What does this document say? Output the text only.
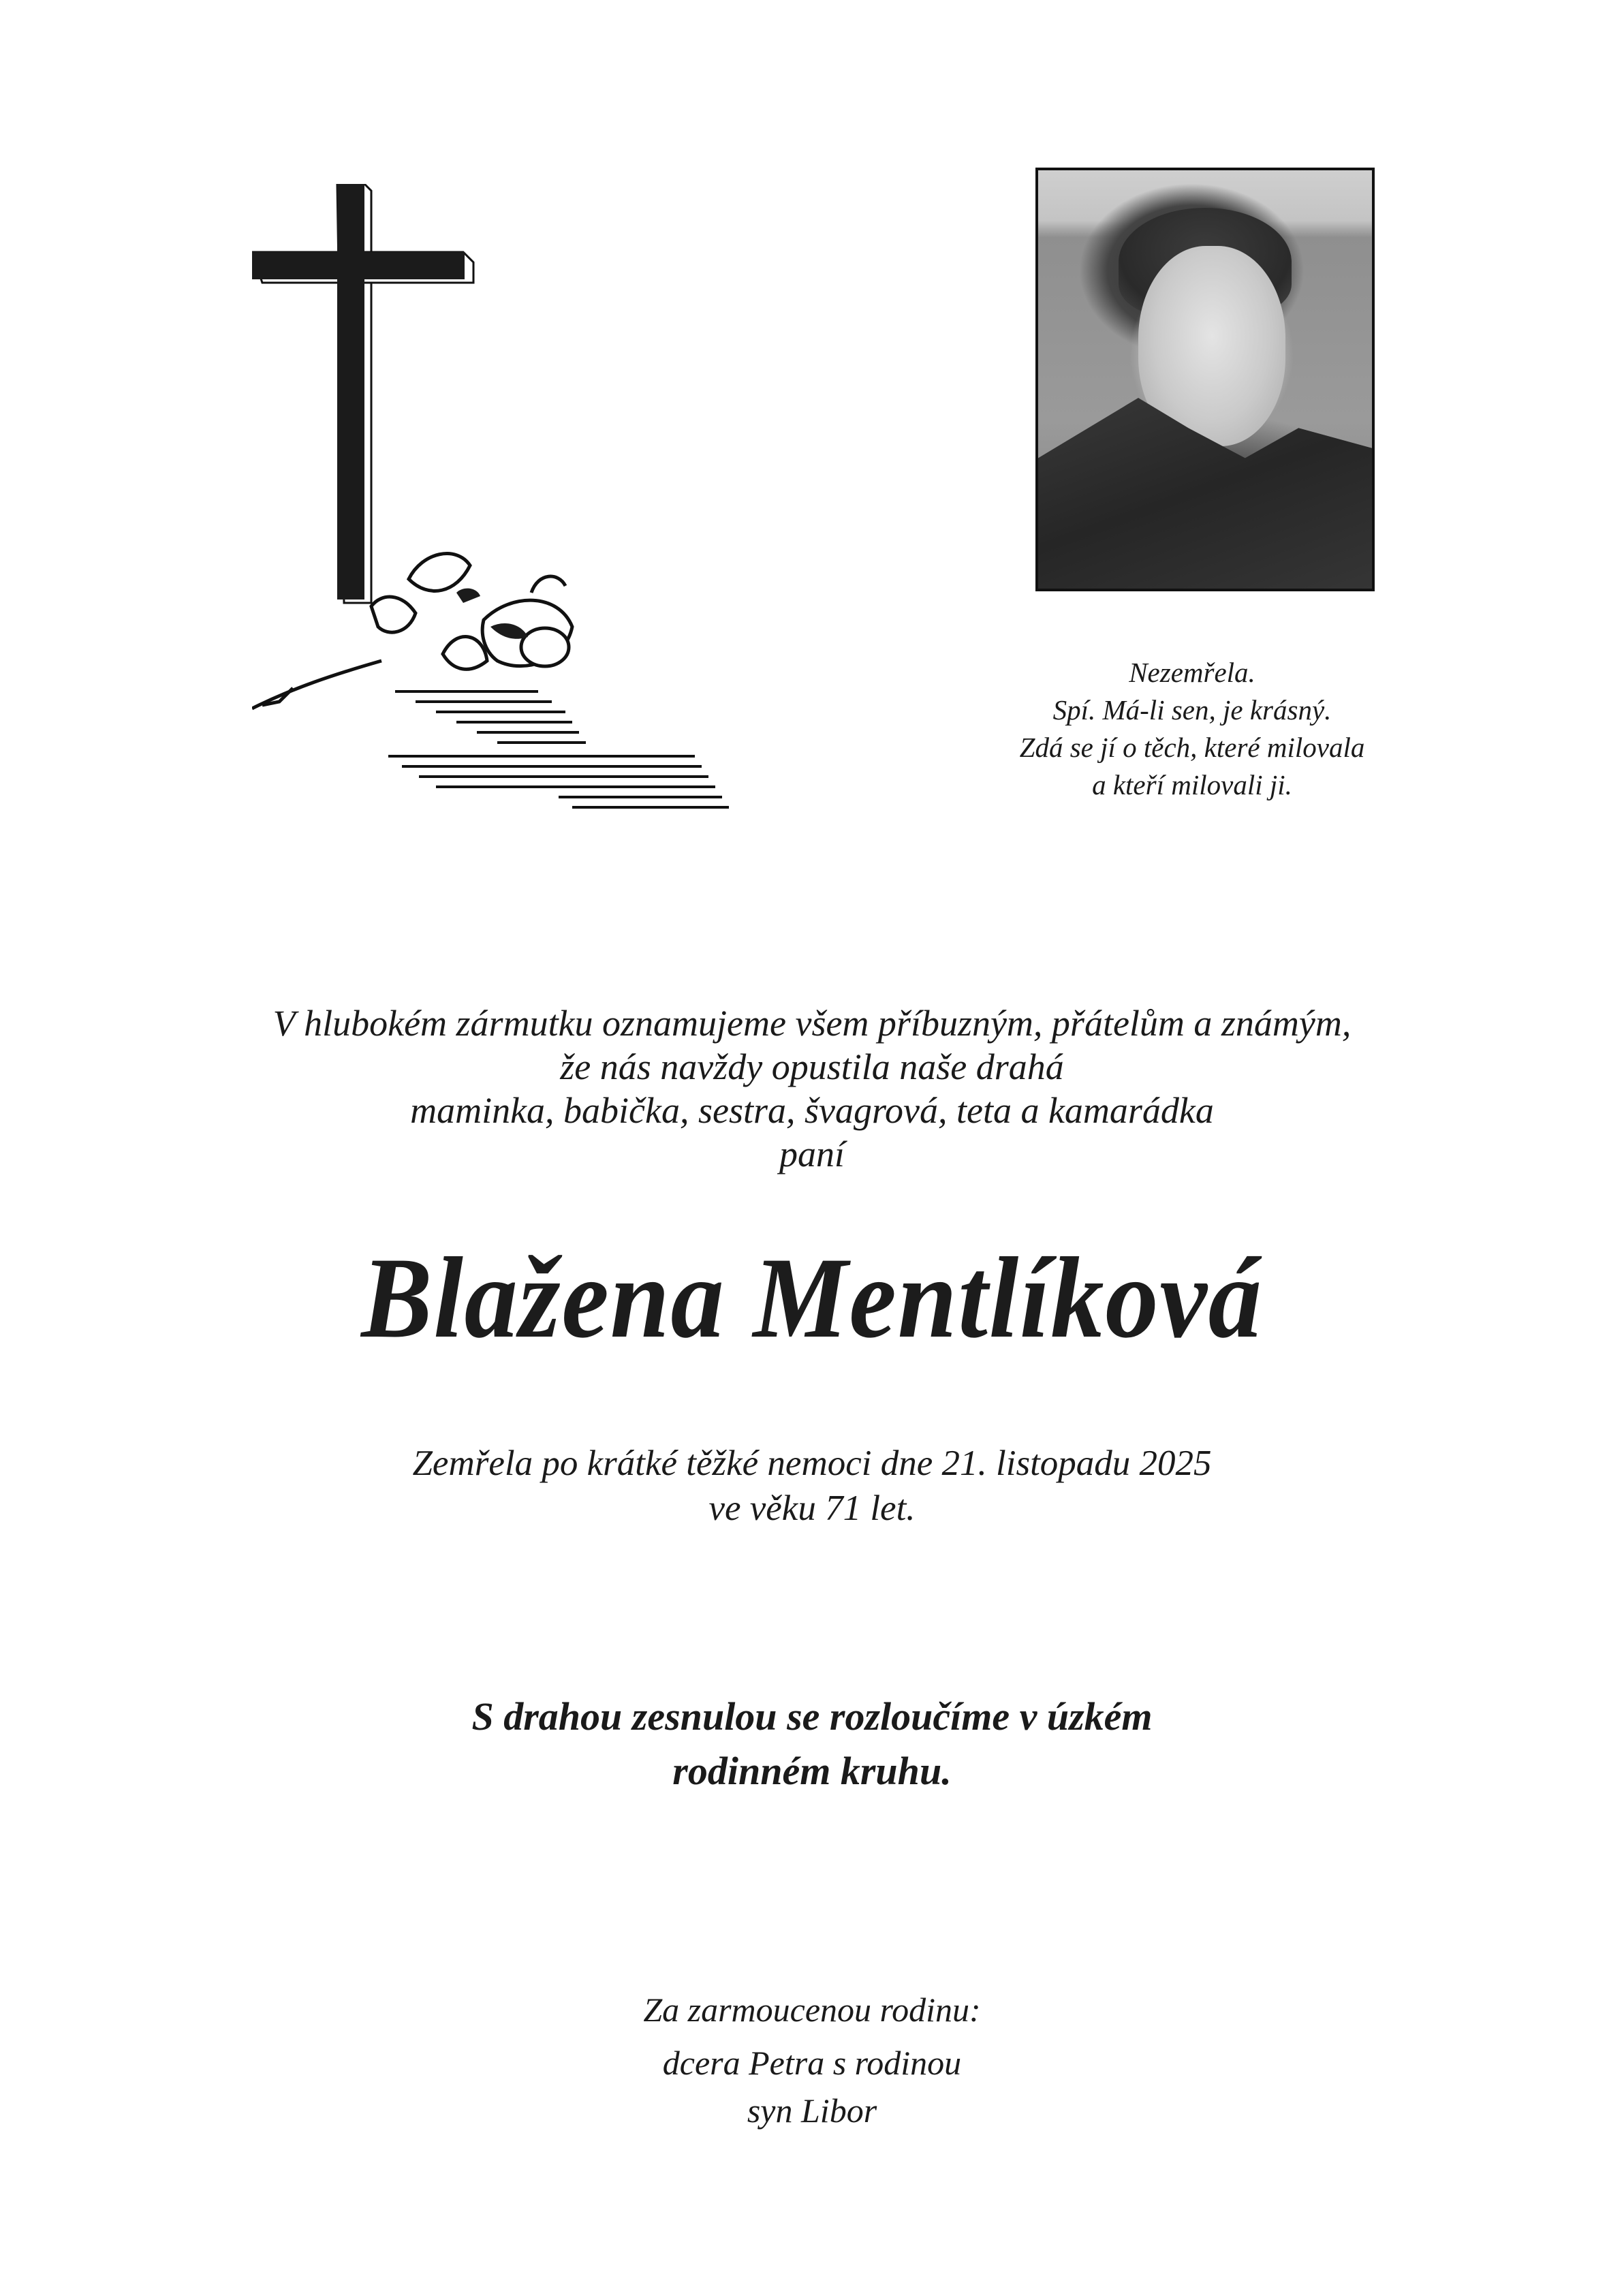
Nezemřela.
Spí. Má-li sen, je krásný.
Zdá se jí o těch, které milovala
a kteří milovali ji.
V hlubokém zármutku oznamujeme všem příbuzným, přátelům a známým,
že nás navždy opustila naše drahá
maminka, babička, sestra, švagrová, teta a kamarádka
paní
Blažena Mentlíková
Zemřela po krátké těžké nemoci dne 21. listopadu 2025
ve věku 71 let.
S drahou zesnulou se rozloučíme v úzkém
rodinném kruhu.
Za zarmoucenou rodinu:
dcera Petra s rodinou
syn Libor
